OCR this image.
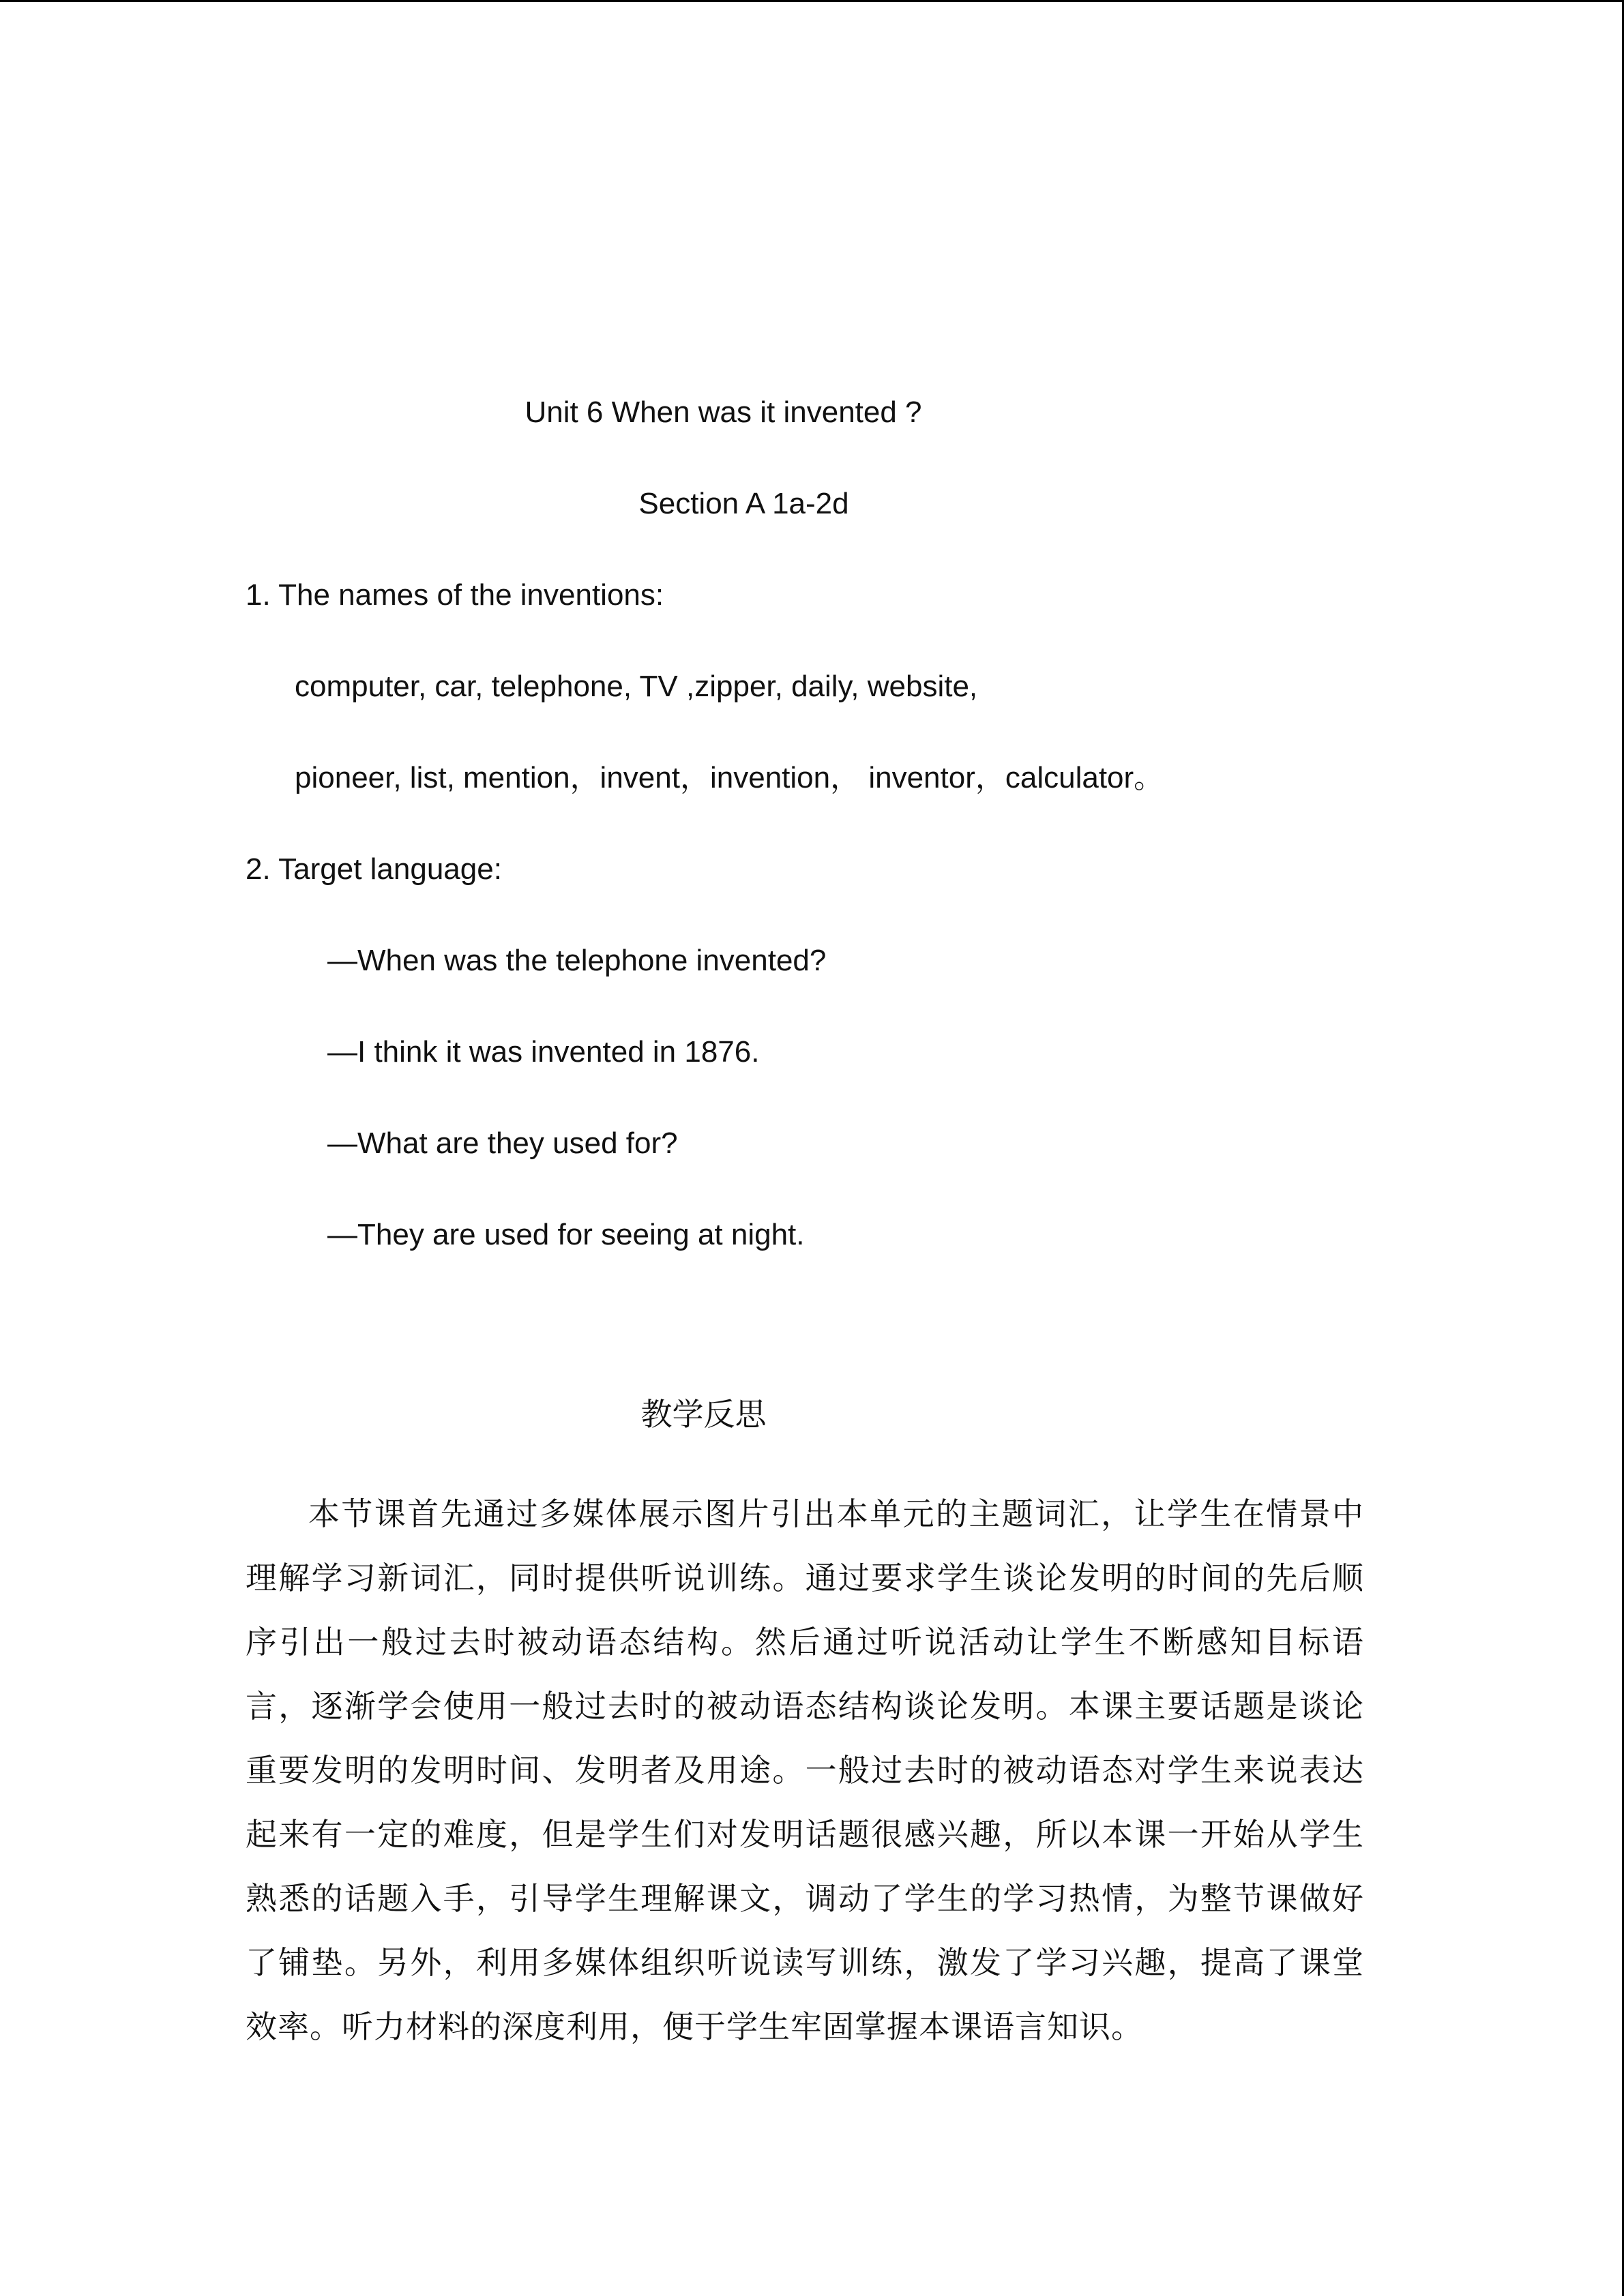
Unit 6 When was it invented ?
Section A 1a-2d
1. The names of the inventions:
computer, car, telephone, TV ,zipper, daily, website,
pioneer, list, mention，invent，invention， inventor，calculator。
2. Target language:
—When was the telephone invented?
—I think it was invented in 1876.
—What are they used for?
—They are used for seeing at night.
教学反思
本节课首先通过多媒体展示图片引出本单元的主题词汇，让学生在情景中理解学习新词汇，同时提供听说训练。通过要求学生谈论发明的时间的先后顺序引出一般过去时被动语态结构。然后通过听说活动让学生不断感知目标语言，逐渐学会使用一般过去时的被动语态结构谈论发明。本课主要话题是谈论重要发明的发明时间、发明者及用途。一般过去时的被动语态对学生来说表达起来有一定的难度，但是学生们对发明话题很感兴趣，所以本课一开始从学生熟悉的话题入手，引导学生理解课文，调动了学生的学习热情，为整节课做好了铺垫。另外，利用多媒体组织听说读写训练，激发了学习兴趣，提高了课堂效率。听力材料的深度利用，便于学生牢固掌握本课语言知识。
